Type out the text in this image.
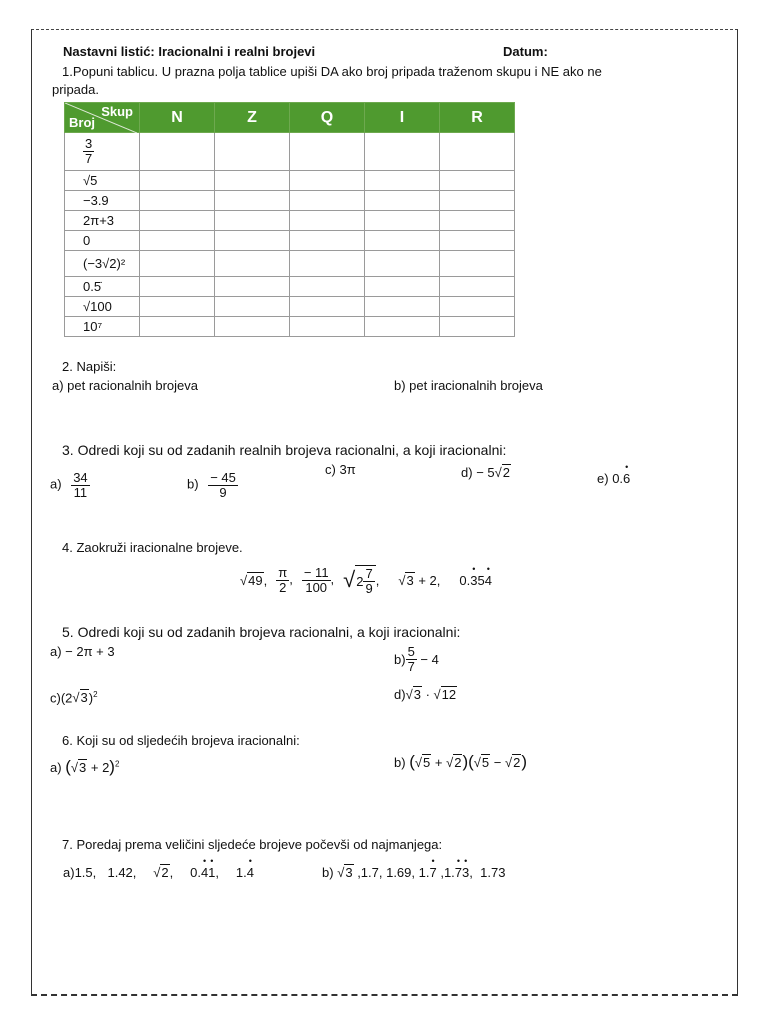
Nastavni listić: Iracionalni i realni brojevi	Datum:
1.Popuni tablicu. U prazna polja tablice upiši DA ako broj pripada traženom skupu i NE ako ne
pripada.
Skup
Broj	N	Z	Q	I	R

$\frac{3}{7}$

√5					
−3.9					
2π+3					
0					
(−3√2)²					
0.5̇					
√100					
10⁷					
2. Napiši:
a) pet racionalnih brojeva	b) pet iracionalnih brojeva
3. Odredi koji su od zadanih realnih brojeva racionalni, a koji iracionalni:
$a) \frac{34}{11}$	$b) \frac{- 45}{9}$
c) 3π	d) − 5√2	e) 0.6 •
4. Zaokruži iracionalne brojeve.
√49, $\frac{\pi}{2}$ , $\frac{- 11}{100}$ , √ $2 \frac{7}{9}$ , √3 + 2, 0.3 •54 •
5. Odredi koji su od zadanih brojeva racionalni, a koji iracionalni:
a) − 2π + 3
$b) \frac{5}{7}$
− 4
$c)(2√3)^2$	d)√3 · √12
6. Koji su od sljedećih brojeva iracionalni:
a) $(√3 + 2)^2$	b) (√5 + √2)(√5 − √2)
7. Poredaj prema veličini sljedeće brojeve počevši od najmanjega:
a)1.5, 1.42, √2, 0.4 •1 •, 1.4 •	b) √3 ,1.7, 1.69, 1.7 • ,1.7 •3 •, 1.73
